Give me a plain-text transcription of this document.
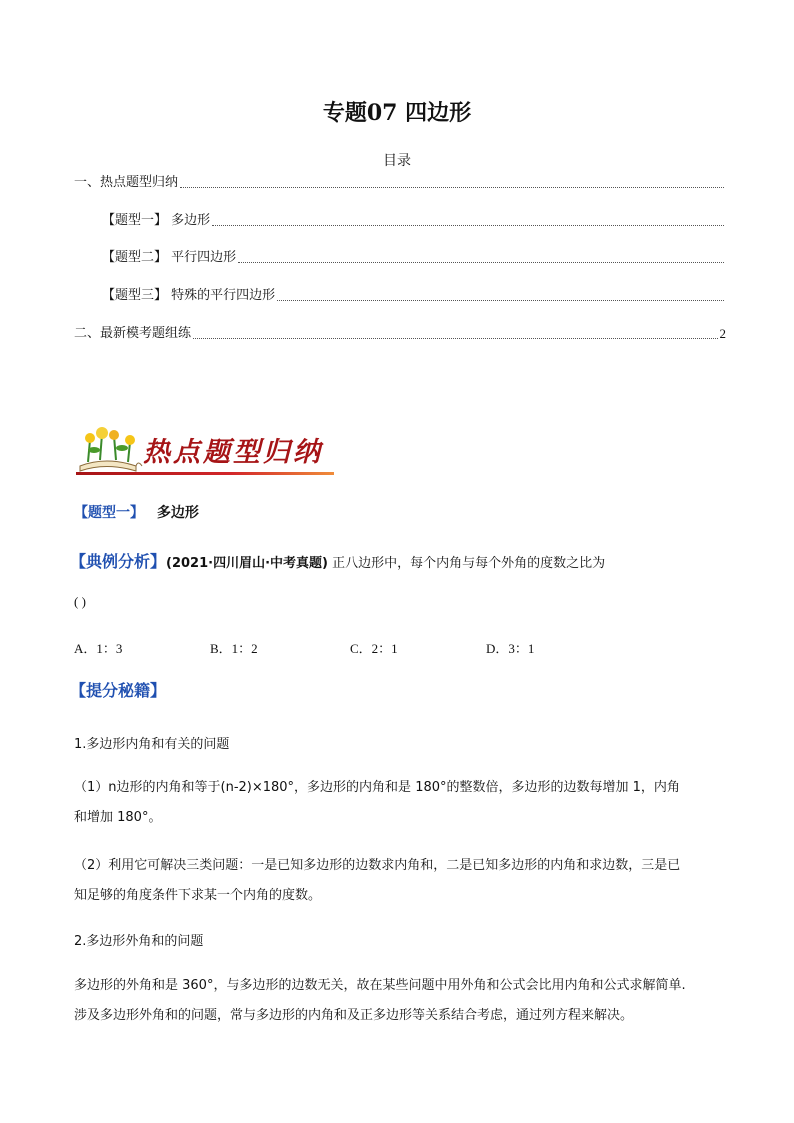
专题07 四边形
目录
一、热点题型归纳
【题型一】 多边形
【题型二】 平行四边形
【题型三】 特殊的平行四边形
二、最新模考题组练	2
热点题型归纳
【题型一】 多边形
【典例分析】(2021·四川眉山·中考真题) 正八边形中，每个内角与每个外角的度数之比为
( )
A．1：3	B．1：2	C．2：1	D．3：1
【提分秘籍】
1.多边形内角和有关的问题
（1）n边形的内角和等于(n-2)×180°，多边形的内角和是 180°的整数倍，多边形的边数每增加 1，内角
和增加 180°。
（2）利用它可解决三类问题：一是已知多边形的边数求内角和，二是已知多边形的内角和求边数，三是已
知足够的角度条件下求某一个内角的度数。
2.多边形外角和的问题
多边形的外角和是 360°，与多边形的边数无关，故在某些问题中用外角和公式会比用内角和公式求解简单.
涉及多边形外角和的问题，常与多边形的内角和及正多边形等关系结合考虑，通过列方程来解决。
